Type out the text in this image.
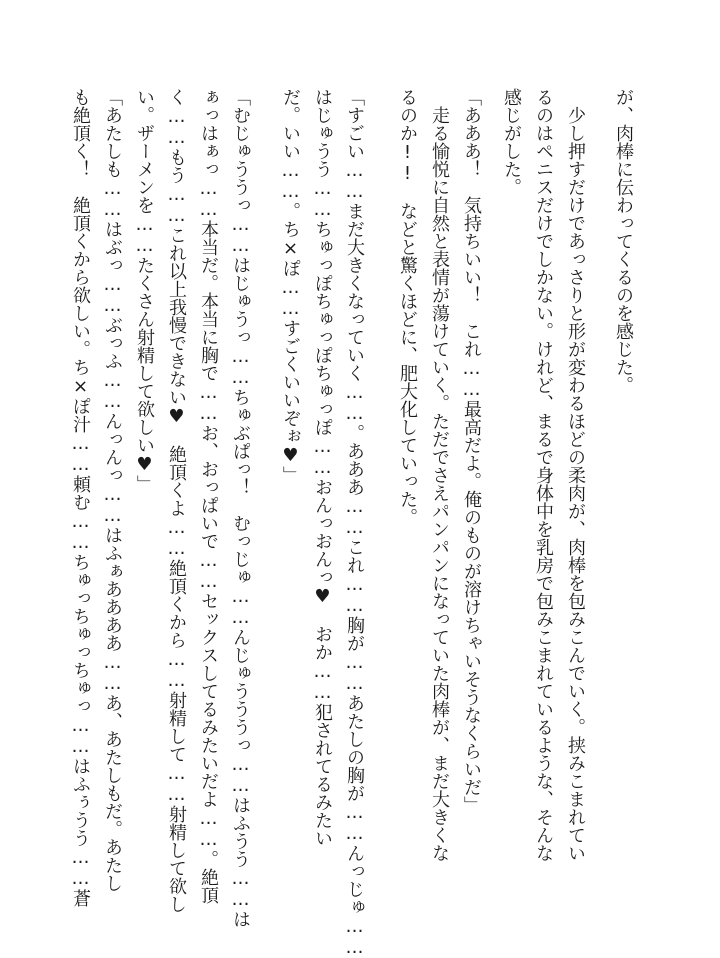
が、肉棒に伝わってくるのを感じた。
　少し押すだけであっさりと形が変わるほどの柔肉が、肉棒を包みこんでいく。挟みこまれてい
るのはペニスだけでしかない。けれど、まるで身体中を乳房で包みこまれているような、そんな
感じがした。
「あああ！　気持ちいい！　これ……最高だよ。俺のものが溶けちゃいそうなくらいだ」
　走る愉悦に自然と表情が蕩けていく。ただでさえパンパンになっていた肉棒が、まだ大きくな
るのか!!　などと驚くほどに、肥大化していった。
「すごい……まだ大きくなっていく……。あああ……これ……胸が……あたしの胸が……んっじゅ……
はじゅうう……ちゅっぽちゅっぽちゅっぽ……おんっおんっ♥　おか……犯されてるみたい
だ。いい……。ち×ぽ……すごくいいぞぉ♥」
「むじゅううっ……はじゅうっ……ちゅぶぱっ！　むっじゅ……んじゅうううっ……はふうう……は
ぁっはぁっ……本当だ。本当に胸で……お、おっぱいで……セックスしてるみたいだよ……。絶頂
く……もう……これ以上我慢できない♥　絶頂くよ……絶頂くから……射精して……射精して欲し
い。ザーメンを……たくさん射精して欲しい♥」
「あたしも……はぶっ……ぶっふ……んっんっ……はふぁああああ……あ、あたしもだ。あたし
も絶頂く！　絶頂くから欲しい。ち×ぽ汁……頼む……ちゅっちゅっちゅっ……はふぅうう……蒼
